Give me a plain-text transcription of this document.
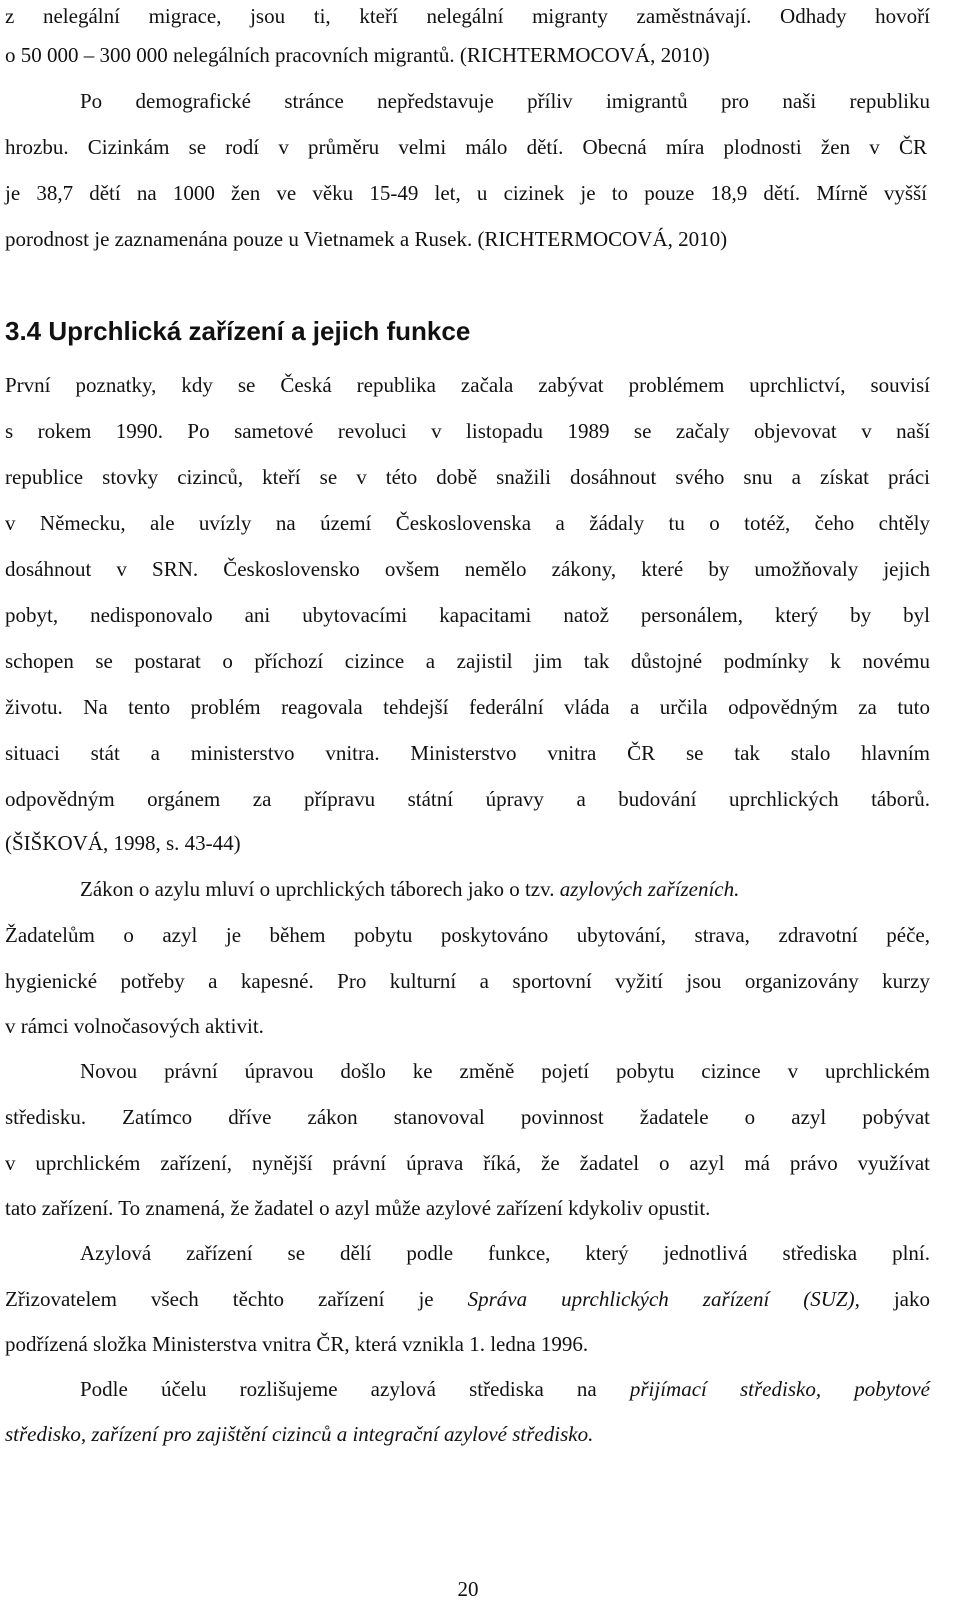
z nelegální migrace, jsou ti, kteří nelegální migranty zaměstnávají. Odhady hovoří
o 50 000 – 300 000 nelegálních pracovních migrantů. (RICHTERMOCOVÁ, 2010)
Po demografické stránce nepředstavuje příliv imigrantů pro naši republiku
hrozbu. Cizinkám se rodí v průměru velmi málo dětí. Obecná míra plodnosti žen v ČR
je 38,7 dětí na 1000 žen ve věku 15-49 let, u cizinek je to pouze 18,9 dětí. Mírně vyšší
porodnost je zaznamenána pouze u Vietnamek a Rusek. (RICHTERMOCOVÁ, 2010)
3.4 Uprchlická zařízení a jejich funkce
První poznatky, kdy se Česká republika začala zabývat problémem uprchlictví, souvisí
s rokem 1990. Po sametové revoluci v listopadu 1989 se začaly objevovat v naší
republice stovky cizinců, kteří se v této době snažili dosáhnout svého snu a získat práci
v Německu, ale uvízly na území Československa a žádaly tu o totéž, čeho chtěly
dosáhnout v SRN. Československo ovšem nemělo zákony, které by umožňovaly jejich
pobyt, nedisponovalo ani ubytovacími kapacitami natož personálem, který by byl
schopen se postarat o příchozí cizince a zajistil jim tak důstojné podmínky k novému
životu. Na tento problém reagovala tehdejší federální vláda a určila odpovědným za tuto
situaci stát a ministerstvo vnitra. Ministerstvo vnitra ČR se tak stalo hlavním
odpovědným orgánem za přípravu státní úpravy a budování uprchlických táborů.
(ŠIŠKOVÁ, 1998, s. 43-44)
Zákon o azylu mluví o uprchlických táborech jako o tzv. azylových zařízeních.
Žadatelům o azyl je během pobytu poskytováno ubytování, strava, zdravotní péče,
hygienické potřeby a kapesné. Pro kulturní a sportovní vyžití jsou organizovány kurzy
v rámci volnočasových aktivit.
Novou právní úpravou došlo ke změně pojetí pobytu cizince v uprchlickém
středisku. Zatímco dříve zákon stanovoval povinnost žadatele o azyl pobývat
v uprchlickém zařízení, nynější právní úprava říká, že žadatel o azyl má právo využívat
tato zařízení. To znamená, že žadatel o azyl může azylové zařízení kdykoliv opustit.
Azylová zařízení se dělí podle funkce, který jednotlivá střediska plní.
Zřizovatelem všech těchto zařízení je Správa uprchlických zařízení (SUZ), jako
podřízená složka Ministerstva vnitra ČR, která vznikla 1. ledna 1996.
Podle účelu rozlišujeme azylová střediska na přijímací středisko, pobytové
středisko, zařízení pro zajištění cizinců a integrační azylové středisko.
20
